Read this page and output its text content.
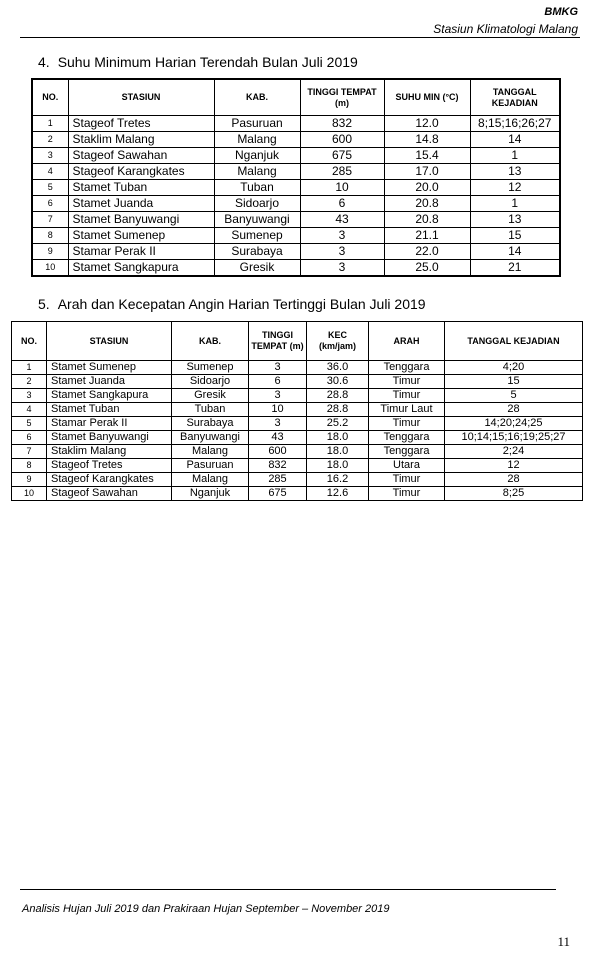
BMKG
Stasiun Klimatologi Malang
4. Suhu Minimum Harian Terendah Bulan Juli 2019
NO.	STASIUN	KAB.	TINGGI TEMPAT (m)	SUHU MIN (°C)	TANGGAL KEJADIAN
1	Stageof Tretes	Pasuruan	832	12.0	8;15;16;26;27
2	Staklim Malang	Malang	600	14.8	14
3	Stageof Sawahan	Nganjuk	675	15.4	1
4	Stageof Karangkates	Malang	285	17.0	13
5	Stamet Tuban	Tuban	10	20.0	12
6	Stamet Juanda	Sidoarjo	6	20.8	1
7	Stamet Banyuwangi	Banyuwangi	43	20.8	13
8	Stamet Sumenep	Sumenep	3	21.1	15
9	Stamar Perak II	Surabaya	3	22.0	14
10	Stamet Sangkapura	Gresik	3	25.0	21
5. Arah dan Kecepatan Angin Harian Tertinggi Bulan Juli 2019
NO.	STASIUN	KAB.	TINGGI TEMPAT (m)	KEC (km/jam)	ARAH	TANGGAL KEJADIAN
1	Stamet Sumenep	Sumenep	3	36.0	Tenggara	4;20
2	Stamet Juanda	Sidoarjo	6	30.6	Timur	15
3	Stamet Sangkapura	Gresik	3	28.8	Timur	5
4	Stamet Tuban	Tuban	10	28.8	Timur Laut	28
5	Stamar Perak II	Surabaya	3	25.2	Timur	14;20;24;25
6	Stamet Banyuwangi	Banyuwangi	43	18.0	Tenggara	10;14;15;16;19;25;27
7	Staklim Malang	Malang	600	18.0	Tenggara	2;24
8	Stageof Tretes	Pasuruan	832	18.0	Utara	12
9	Stageof Karangkates	Malang	285	16.2	Timur	28
10	Stageof Sawahan	Nganjuk	675	12.6	Timur	8;25
Analisis Hujan Juli 2019 dan Prakiraan Hujan September – November 2019
11
